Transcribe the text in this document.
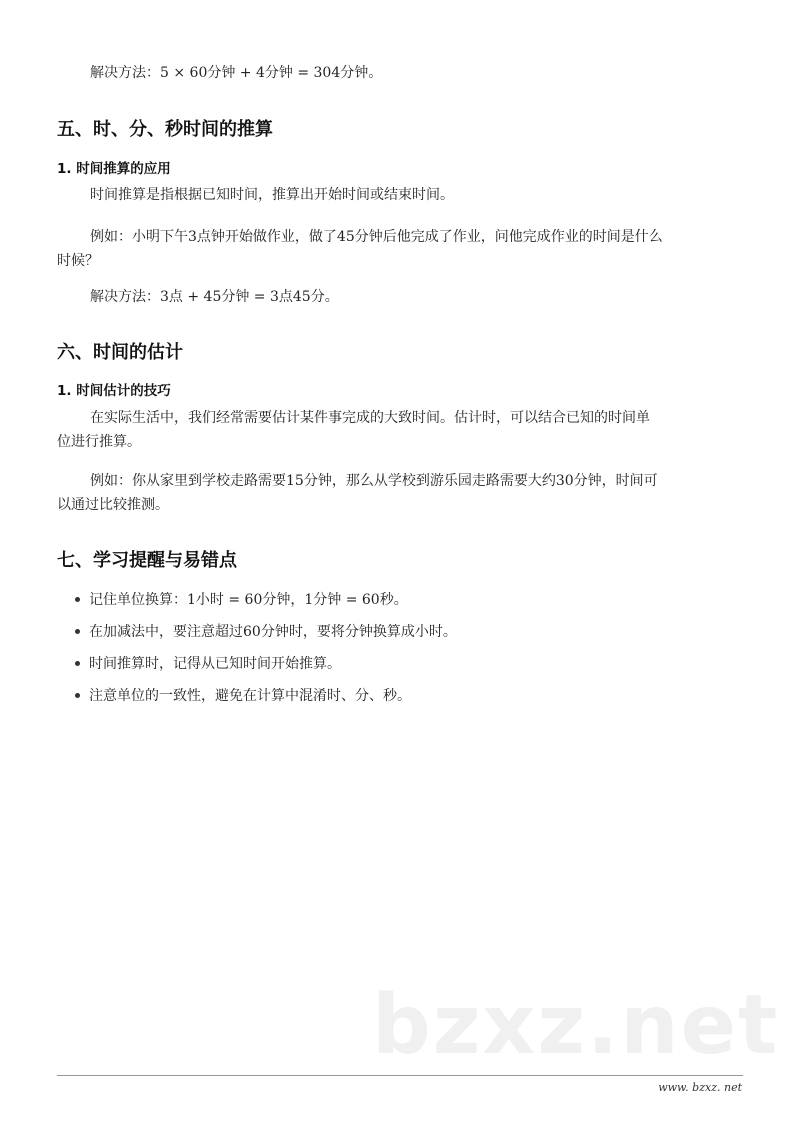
解决方法：5 × 60分钟 + 4分钟 = 304分钟。
五、时、分、秒时间的推算
1. 时间推算的应用
时间推算是指根据已知时间，推算出开始时间或结束时间。
例如：小明下午3点钟开始做作业，做了45分钟后他完成了作业，问他完成作业的时间是什么
时候？
解决方法：3点 + 45分钟 = 3点45分。
六、时间的估计
1. 时间估计的技巧
在实际生活中，我们经常需要估计某件事完成的大致时间。估计时，可以结合已知的时间单
位进行推算。
例如：你从家里到学校走路需要15分钟，那么从学校到游乐园走路需要大约30分钟，时间可
以通过比较推测。
七、学习提醒与易错点
记住单位换算：1小时 = 60分钟，1分钟 = 60秒。
在加减法中，要注意超过60分钟时，要将分钟换算成小时。
时间推算时，记得从已知时间开始推算。
注意单位的一致性，避免在计算中混淆时、分、秒。
bzxz.net
www. bzxz. net
